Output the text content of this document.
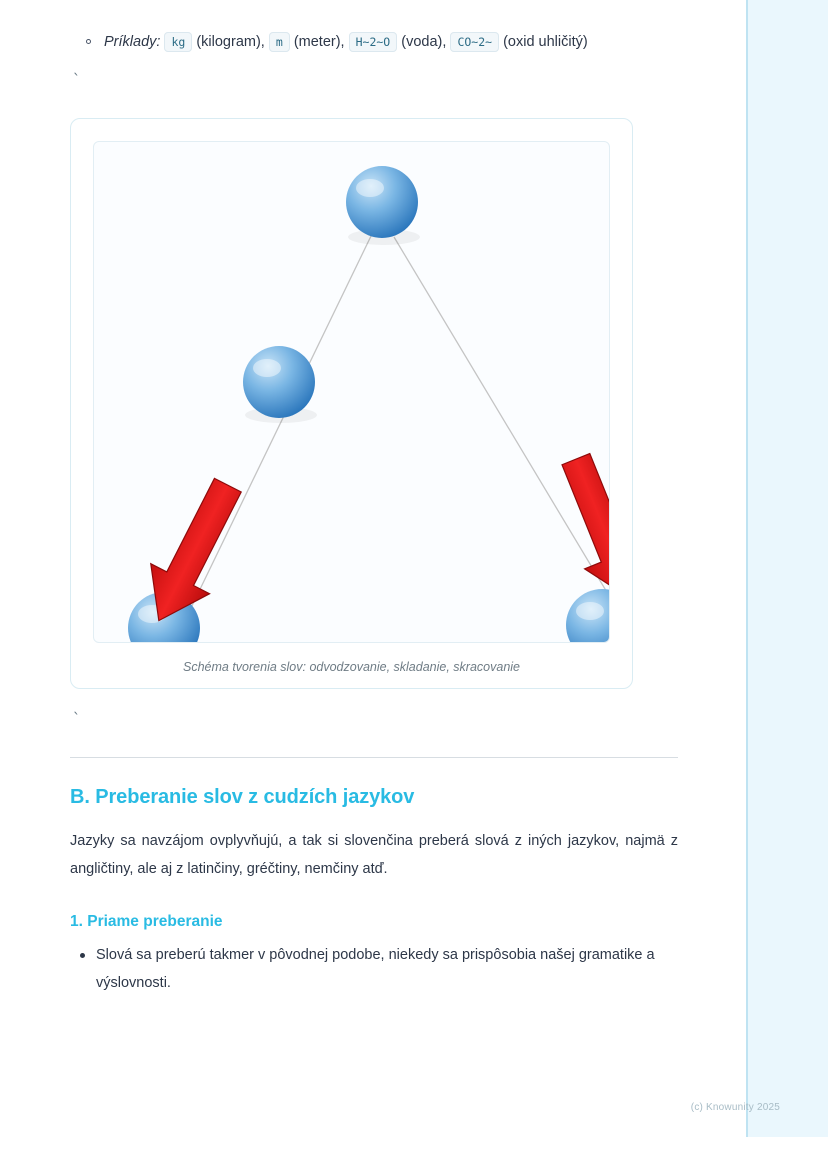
(c) Knowunity 2025
Príklady: kg (kilogram), m (meter), H~2~O (voda), CO~2~ (oxid uhličitý)
`
Schéma tvorenia slov: odvodzovanie, skladanie, skracovanie
`
B. Preberanie slov z cudzích jazykov

Jazyky sa navzájom ovplyvňujú, a tak si slovenčina preberá slová z iných jazykov, najmä z angličtiny, ale aj z latinčiny, gréčtiny, nemčiny atď.

1. Priame preberanie
Slová sa preberú takmer v pôvodnej podobe, niekedy sa prispôsobia našej gramatike a výslovnosti.
